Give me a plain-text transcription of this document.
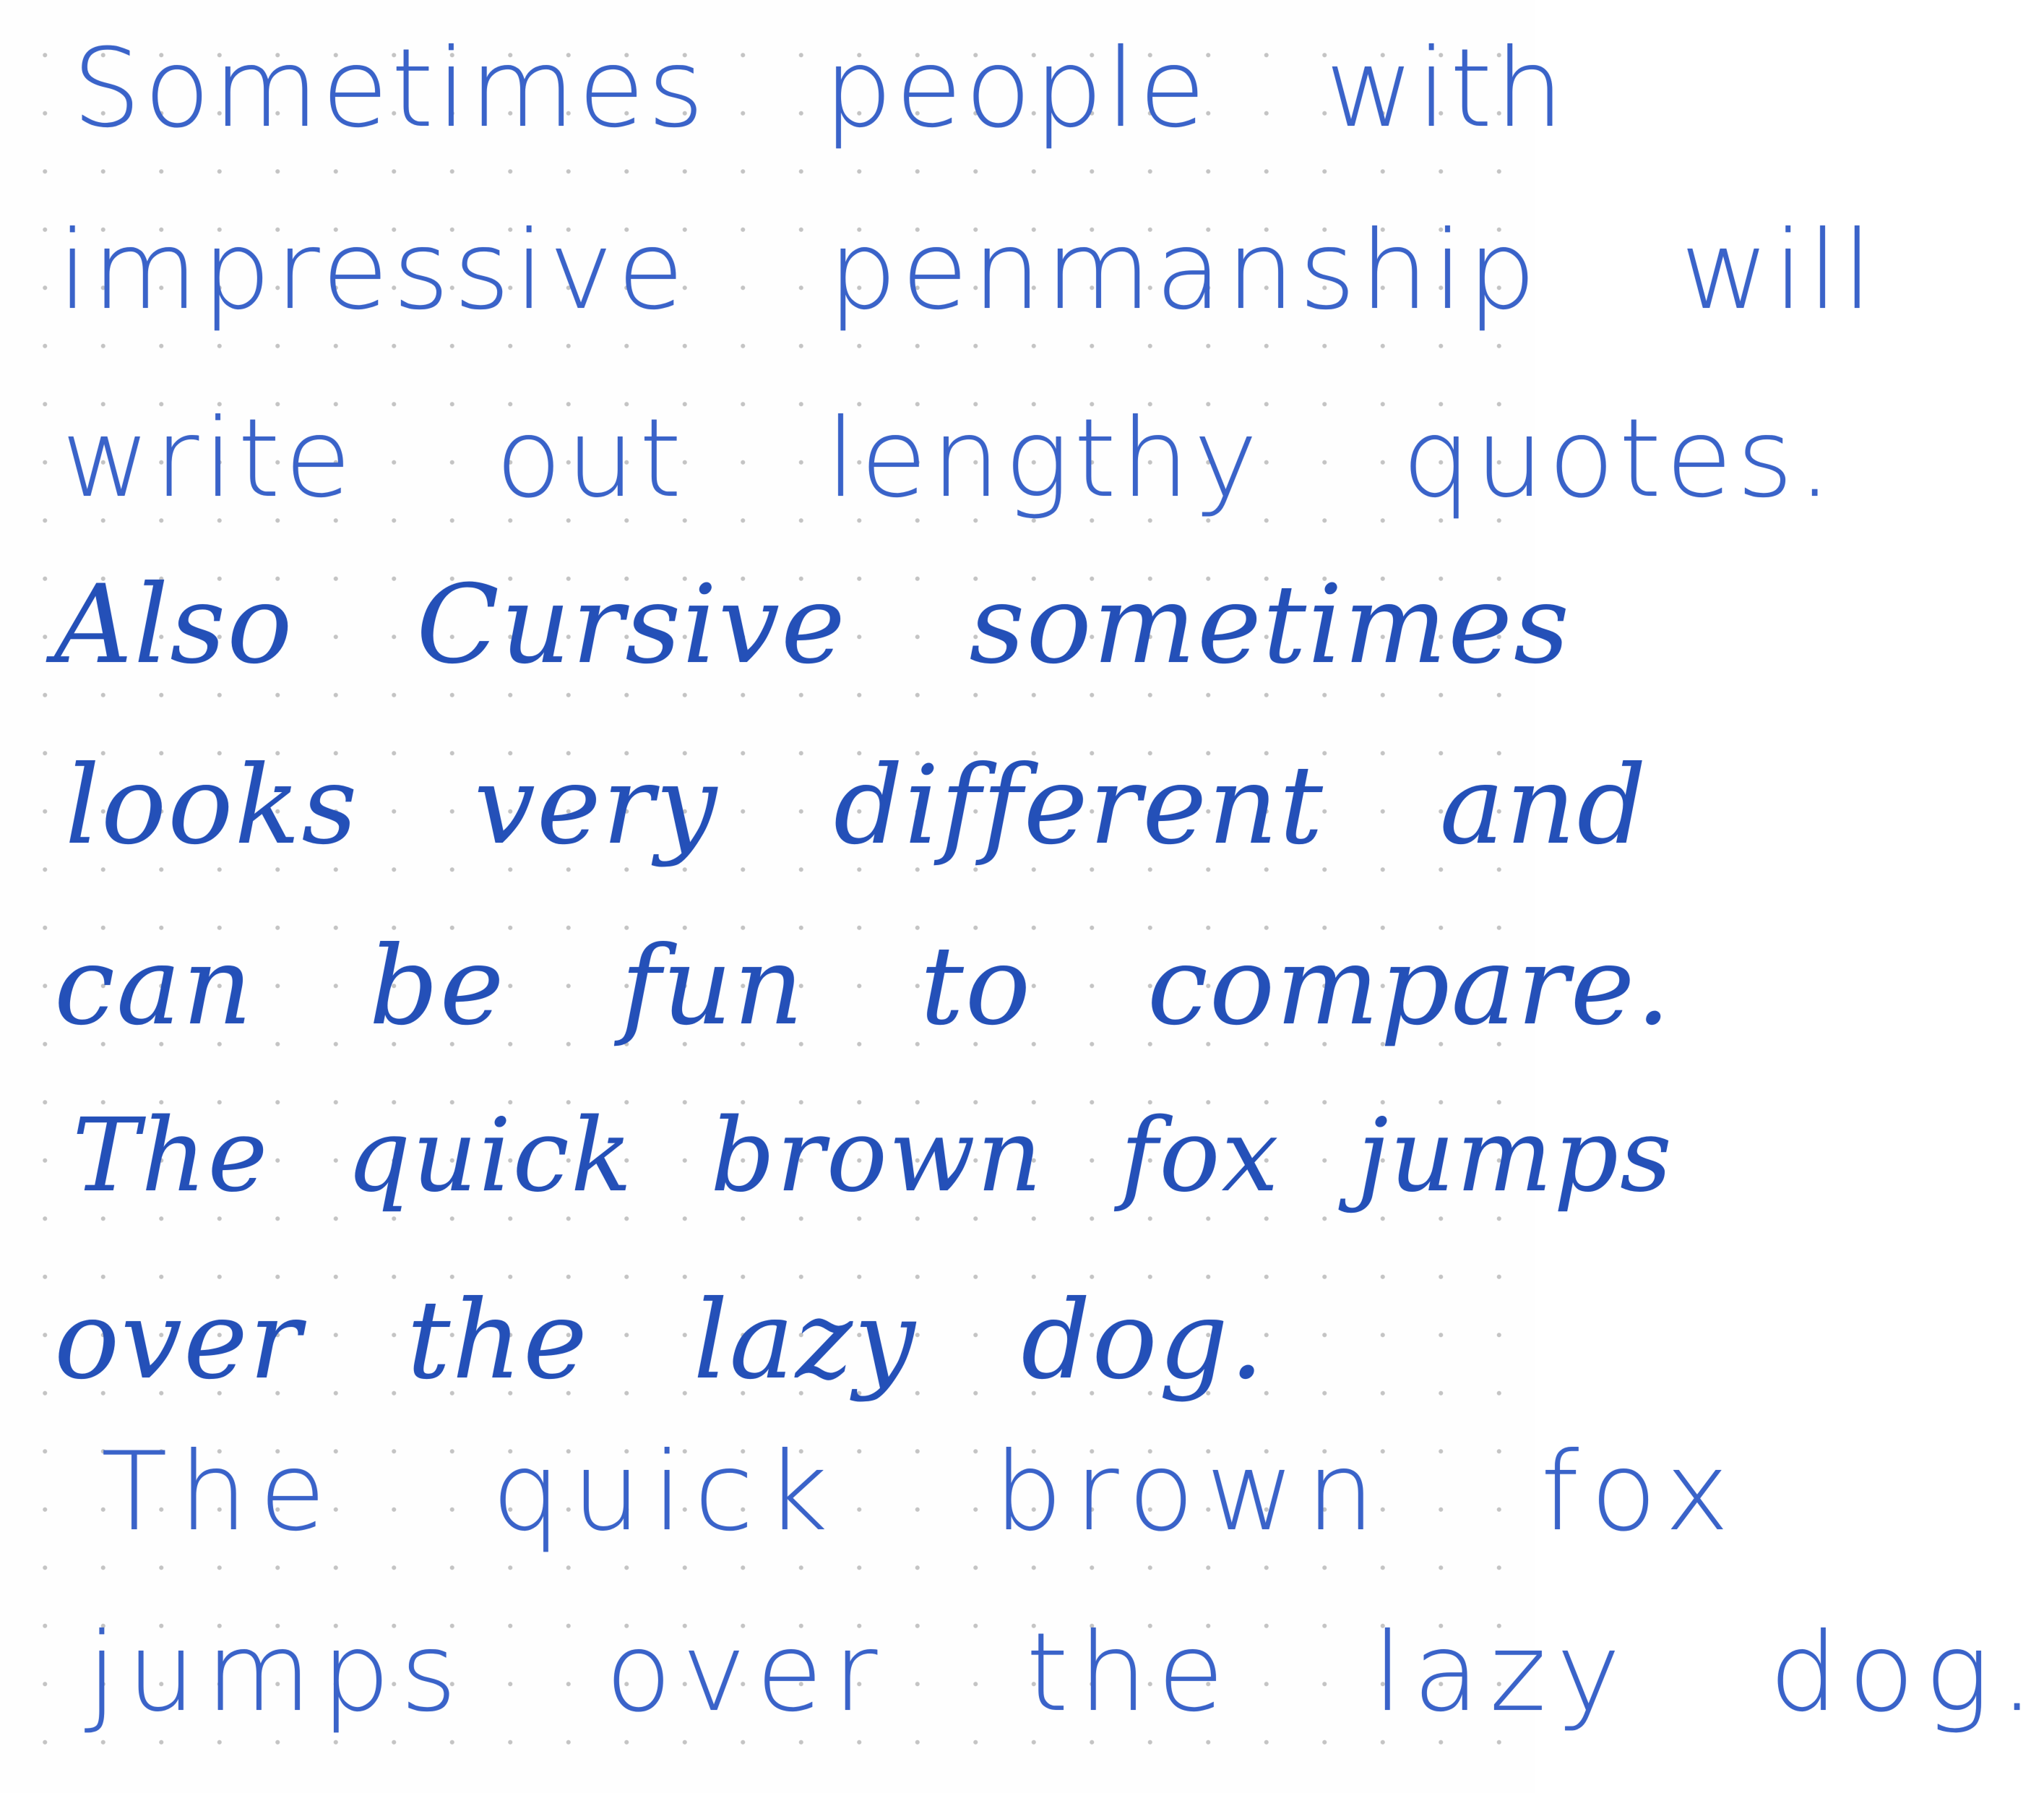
Sometimes people with

impressive penmanship will

write out lengthy quotes.

Also Cursive sometimes

looks very different and

can be fun to compare.

The quick brown fox jumps

over the lazy dog.

The quick brown fox

jumps over the lazy dog.
